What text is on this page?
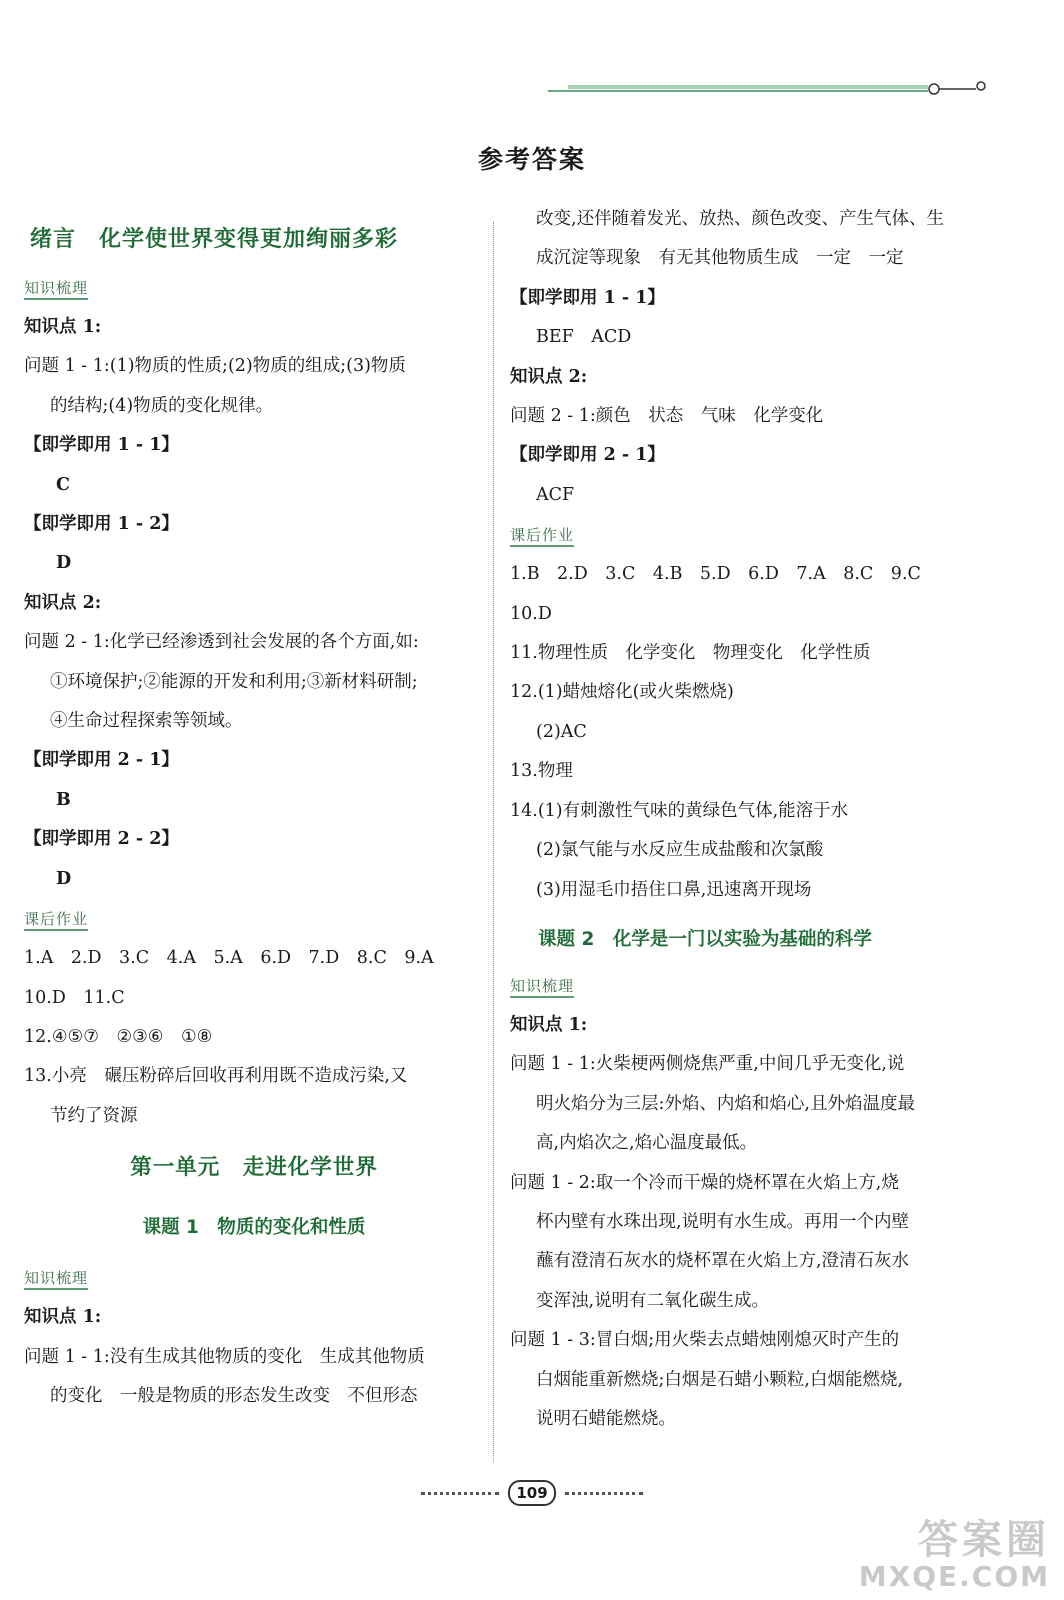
参考答案
绪言　化学使世界变得更加绚丽多彩
知识梳理
知识点 1:
问题 1 - 1:(1)物质的性质;(2)物质的组成;(3)物质
的结构;(4)物质的变化规律。
【即学即用 1 - 1】
C
【即学即用 1 - 2】
D
知识点 2:
问题 2 - 1:化学已经渗透到社会发展的各个方面,如:
①环境保护;②能源的开发和利用;③新材料研制;
④生命过程探索等领域。
【即学即用 2 - 1】
B
【即学即用 2 - 2】
D
课后作业
1.A　2.D　3.C　4.A　5.A　6.D　7.D　8.C　9.A
10.D　11.C
12.④⑤⑦　②③⑥　①⑧
13.小亮　碾压粉碎后回收再利用既不造成污染,又
节约了资源
第一单元　走进化学世界
课题 1　物质的变化和性质
知识梳理
知识点 1:
问题 1 - 1:没有生成其他物质的变化　生成其他物质
的变化　一般是物质的形态发生改变　不但形态
改变,还伴随着发光、放热、颜色改变、产生气体、生
成沉淀等现象　有无其他物质生成　一定　一定
【即学即用 1 - 1】
BEF　ACD
知识点 2:
问题 2 - 1:颜色　状态　气味　化学变化
【即学即用 2 - 1】
ACF
课后作业
1.B　2.D　3.C　4.B　5.D　6.D　7.A　8.C　9.C
10.D
11.物理性质　化学变化　物理变化　化学性质
12.(1)蜡烛熔化(或火柴燃烧)
(2)AC
13.物理
14.(1)有刺激性气味的黄绿色气体,能溶于水
(2)氯气能与水反应生成盐酸和次氯酸
(3)用湿毛巾捂住口鼻,迅速离开现场
课题 2　化学是一门以实验为基础的科学
知识梳理
知识点 1:
问题 1 - 1:火柴梗两侧烧焦严重,中间几乎无变化,说
明火焰分为三层:外焰、内焰和焰心,且外焰温度最
高,内焰次之,焰心温度最低。
问题 1 - 2:取一个冷而干燥的烧杯罩在火焰上方,烧
杯内壁有水珠出现,说明有水生成。再用一个内壁
蘸有澄清石灰水的烧杯罩在火焰上方,澄清石灰水
变浑浊,说明有二氧化碳生成。
问题 1 - 3:冒白烟;用火柴去点蜡烛刚熄灭时产生的
白烟能重新燃烧;白烟是石蜡小颗粒,白烟能燃烧,
说明石蜡能燃烧。
109
答案圈
MXQE.COM
